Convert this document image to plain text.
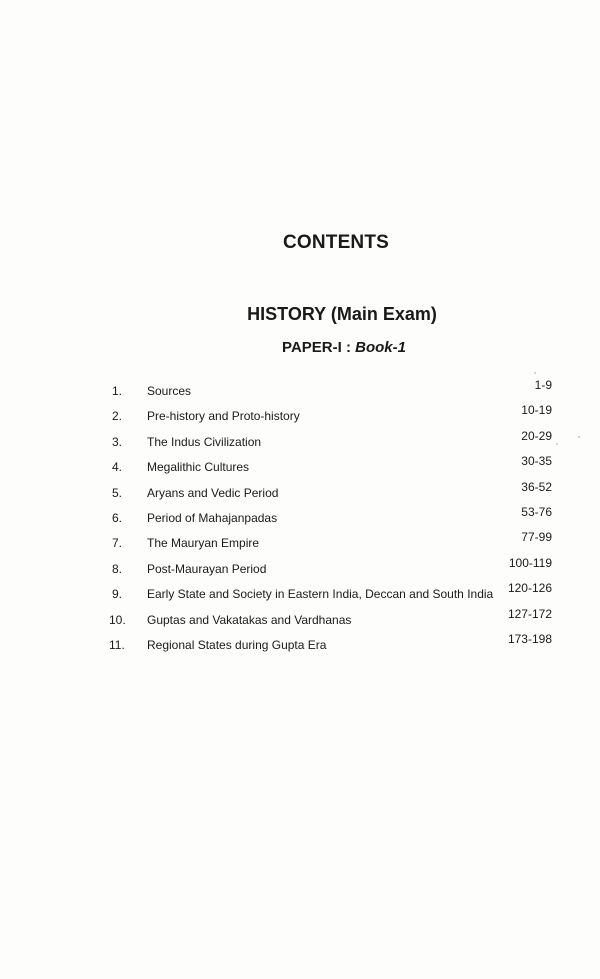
CONTENTS
HISTORY (Main Exam)
PAPER-I : Book-1
1.	Sources	1-9
2.	Pre-history and Proto-history	10-19
3.	The Indus Civilization	20-29
4.	Megalithic Cultures	30-35
5.	Aryans and Vedic Period	36-52
6.	Period of Mahajanpadas	53-76
7.	The Mauryan Empire	77-99
8.	Post-Maurayan Period	100-119
9.	Early State and Society in Eastern India, Deccan and South India 120-126
10.	Guptas and Vakatakas and Vardhanas	127-172
11.	Regional States during Gupta Era	173-198
